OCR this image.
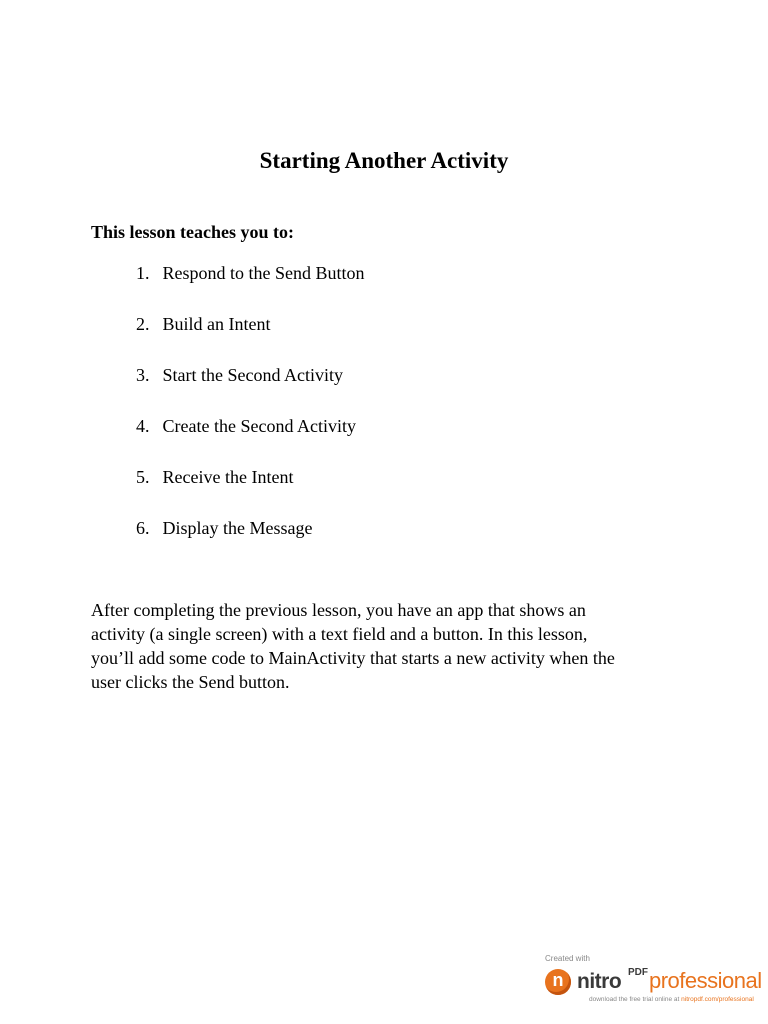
Starting Another Activity
This lesson teaches you to:
1. Respond to the Send Button
2. Build an Intent
3. Start the Second Activity
4. Create the Second Activity
5. Receive the Intent
6. Display the Message

After completing the previous lesson, you have an app that shows an
activity (a single screen) with a text field and a button. In this lesson,
you’ll add some code to MainActivity that starts a new activity when the
user clicks the Send button.

Created with
n nitro PDF professional
download the free trial online at nitropdf.com/professional
